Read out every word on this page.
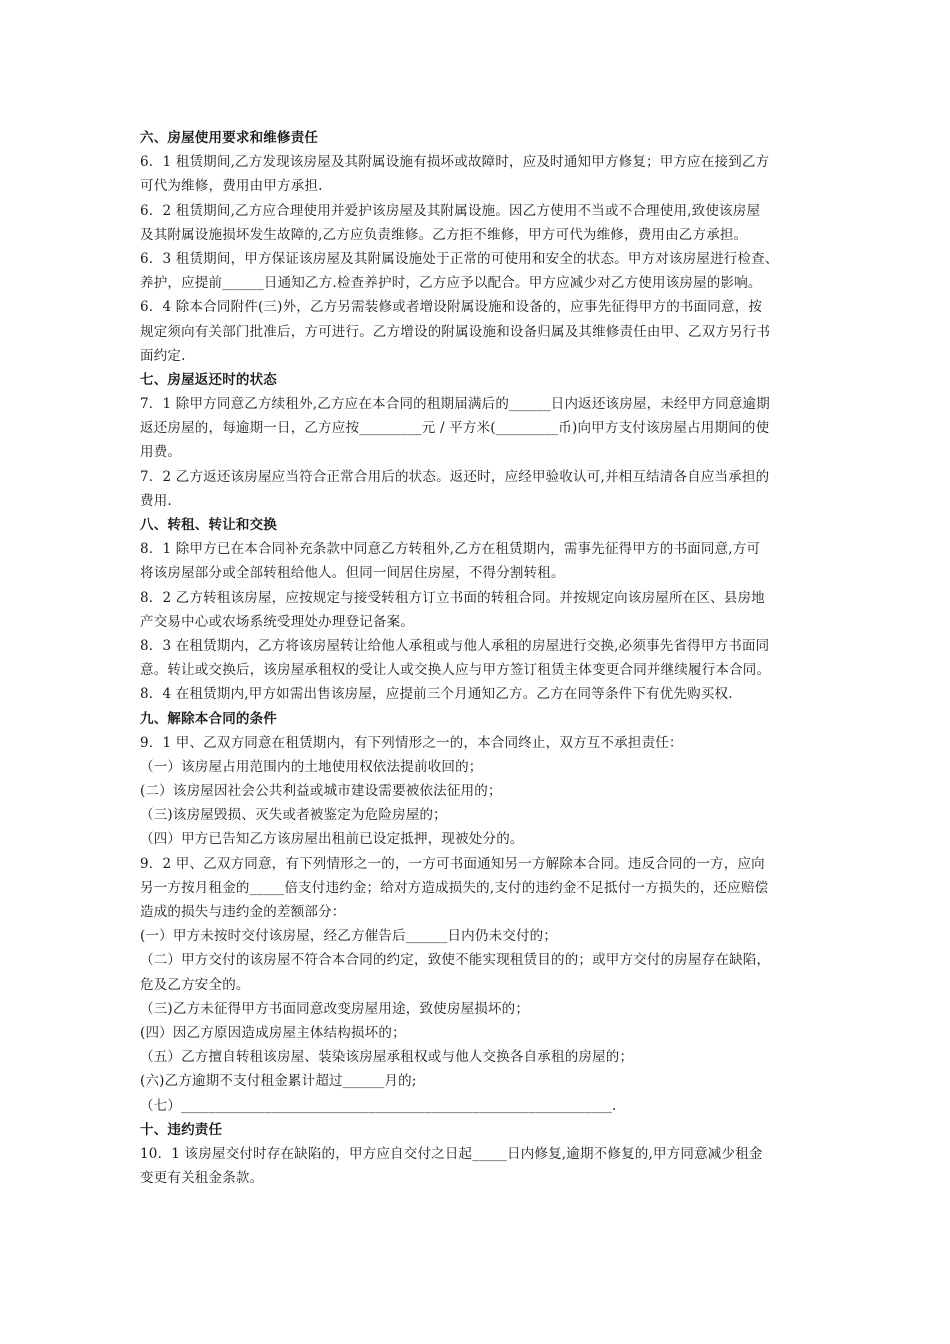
六、房屋使用要求和维修责任
6．1 租赁期间,乙方发现该房屋及其附属设施有损坏或故障时，应及时通知甲方修复；甲方应在接到乙方
可代为维修，费用由甲方承担.
6．2 租赁期间,乙方应合理使用并爱护该房屋及其附属设施。因乙方使用不当或不合理使用,致使该房屋
及其附属设施损坏发生故障的,乙方应负责维修。乙方拒不维修，甲方可代为维修，费用由乙方承担。
6．3 租赁期间，甲方保证该房屋及其附属设施处于正常的可使用和安全的状态。甲方对该房屋进行检查、
养护，应提前______日通知乙方.检查养护时，乙方应予以配合。甲方应减少对乙方使用该房屋的影响。
6．4 除本合同附件(三)外，乙方另需装修或者增设附属设施和设备的，应事先征得甲方的书面同意，按
规定须向有关部门批准后，方可进行。乙方增设的附属设施和设备归属及其维修责任由甲、乙双方另行书
面约定.
七、房屋返还时的状态
7．1 除甲方同意乙方续租外,乙方应在本合同的租期届满后的______日内返还该房屋，未经甲方同意逾期
返还房屋的，每逾期一日，乙方应按_________元 / 平方米(_________币)向甲方支付该房屋占用期间的使
用费。
7．2 乙方返还该房屋应当符合正常合用后的状态。返还时，应经甲验收认可,并相互结清各自应当承担的
费用.
八、转租、转让和交换
8．1 除甲方已在本合同补充条款中同意乙方转租外,乙方在租赁期内，需事先征得甲方的书面同意,方可
将该房屋部分或全部转租给他人。但同一间居住房屋，不得分割转租。
8．2 乙方转租该房屋，应按规定与接受转租方订立书面的转租合同。并按规定向该房屋所在区、县房地
产交易中心或农场系统受理处办理登记备案。
8．3 在租赁期内，乙方将该房屋转让给他人承租或与他人承租的房屋进行交换,必须事先省得甲方书面同
意。转让或交换后，该房屋承租权的受让人或交换人应与甲方签订租赁主体变更合同并继续履行本合同。
8．4 在租赁期内,甲方如需出售该房屋，应提前三个月通知乙方。乙方在同等条件下有优先购买权.
九、解除本合同的条件
9．1 甲、乙双方同意在租赁期内，有下列情形之一的，本合同终止，双方互不承担责任：
（一）该房屋占用范围内的土地使用权依法提前收回的；
(二）该房屋因社会公共利益或城市建设需要被依法征用的；
（三)该房屋毁损、灭失或者被鉴定为危险房屋的；
（四）甲方已告知乙方该房屋出租前已设定抵押，现被处分的。
9．2 甲、乙双方同意，有下列情形之一的，一方可书面通知另一方解除本合同。违反合同的一方，应向
另一方按月租金的_____倍支付违约金；给对方造成损失的,支付的违约金不足抵付一方损失的，还应赔偿
造成的损失与违约金的差额部分：
(一）甲方未按时交付该房屋，经乙方催告后______日内仍未交付的；
（二）甲方交付的该房屋不符合本合同的约定，致使不能实现租赁目的的；或甲方交付的房屋存在缺陷，
危及乙方安全的。
（三)乙方未征得甲方书面同意改变房屋用途，致使房屋损坏的；
(四）因乙方原因造成房屋主体结构损坏的；
（五）乙方擅自转租该房屋、装染该房屋承租权或与他人交换各自承租的房屋的；
(六)乙方逾期不支付租金累计超过______月的;
（七）______________________________________________________________.
十、违约责任
10．1 该房屋交付时存在缺陷的，甲方应自交付之日起_____日内修复,逾期不修复的,甲方同意减少租金
变更有关租金条款。
